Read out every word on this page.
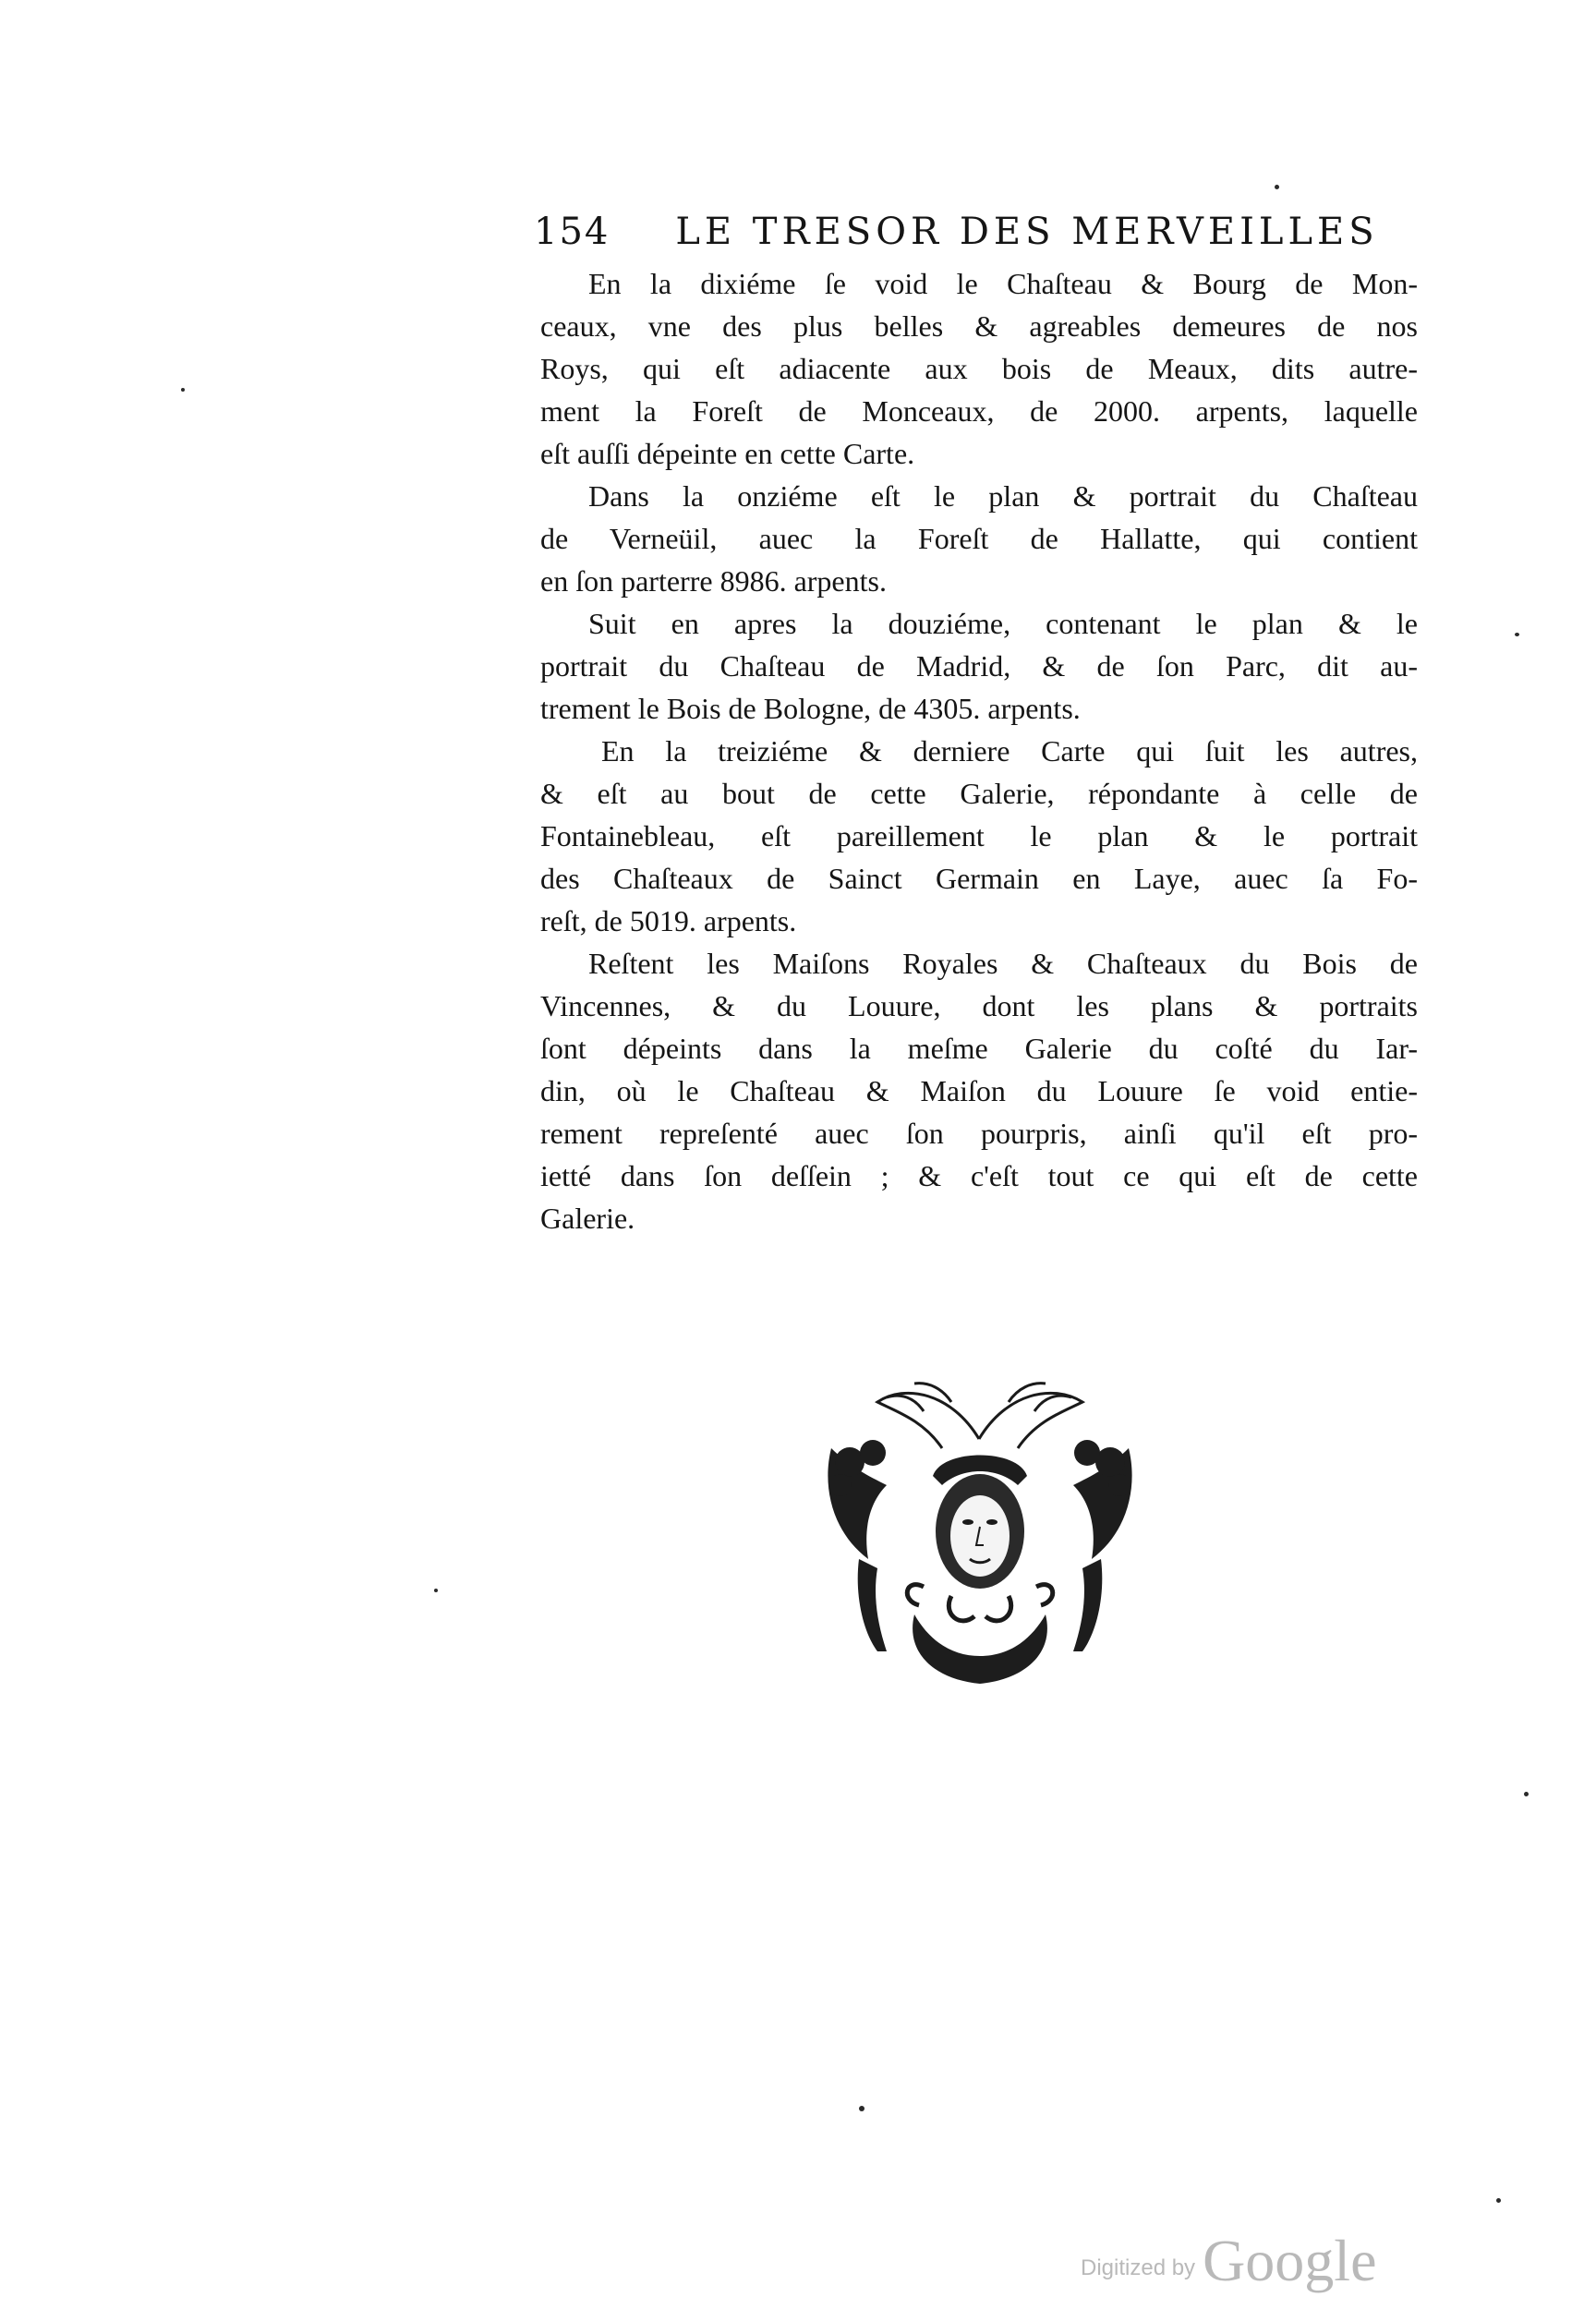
154	LE TRESOR DES MERVEILLES

En la dixiéme ſe void le Chaſteau & Bourg de Mon-
ceaux, vne des plus belles & agreables demeures de nos
Roys, qui eſt adiacente aux bois de Meaux, dits autre-
ment la Foreſt de Monceaux, de 2000. arpents, laquelle
eſt auſſi dépeinte en cette Carte.

Dans la onziéme eſt le plan & portrait du Chaſteau
de Verneüil, auec la Foreſt de Hallatte, qui contient
en ſon parterre 8986. arpents.

Suit en apres la douziéme, contenant le plan & le
portrait du Chaſteau de Madrid, & de ſon Parc, dit au-
trement le Bois de Bologne, de 4305. arpents.

En la treiziéme & derniere Carte qui ſuit les autres,
& eſt au bout de cette Galerie, répondante à celle de
Fontainebleau, eſt pareillement le plan & le portrait
des Chaſteaux de Sainct Germain en Laye, auec ſa Fo-
reſt, de 5019. arpents.

Reſtent les Maiſons Royales & Chaſteaux du Bois de
Vincennes, & du Louure, dont les plans & portraits
ſont dépeints dans la meſme Galerie du coſté du Iar-
din, où le Chaſteau & Maiſon du Louure ſe void entie-
rement repreſenté auec ſon pourpris, ainſi qu'il eſt pro-
ietté dans ſon deſſein ; & c'eſt tout ce qui eſt de cette
Galerie.

Digitized by Google
